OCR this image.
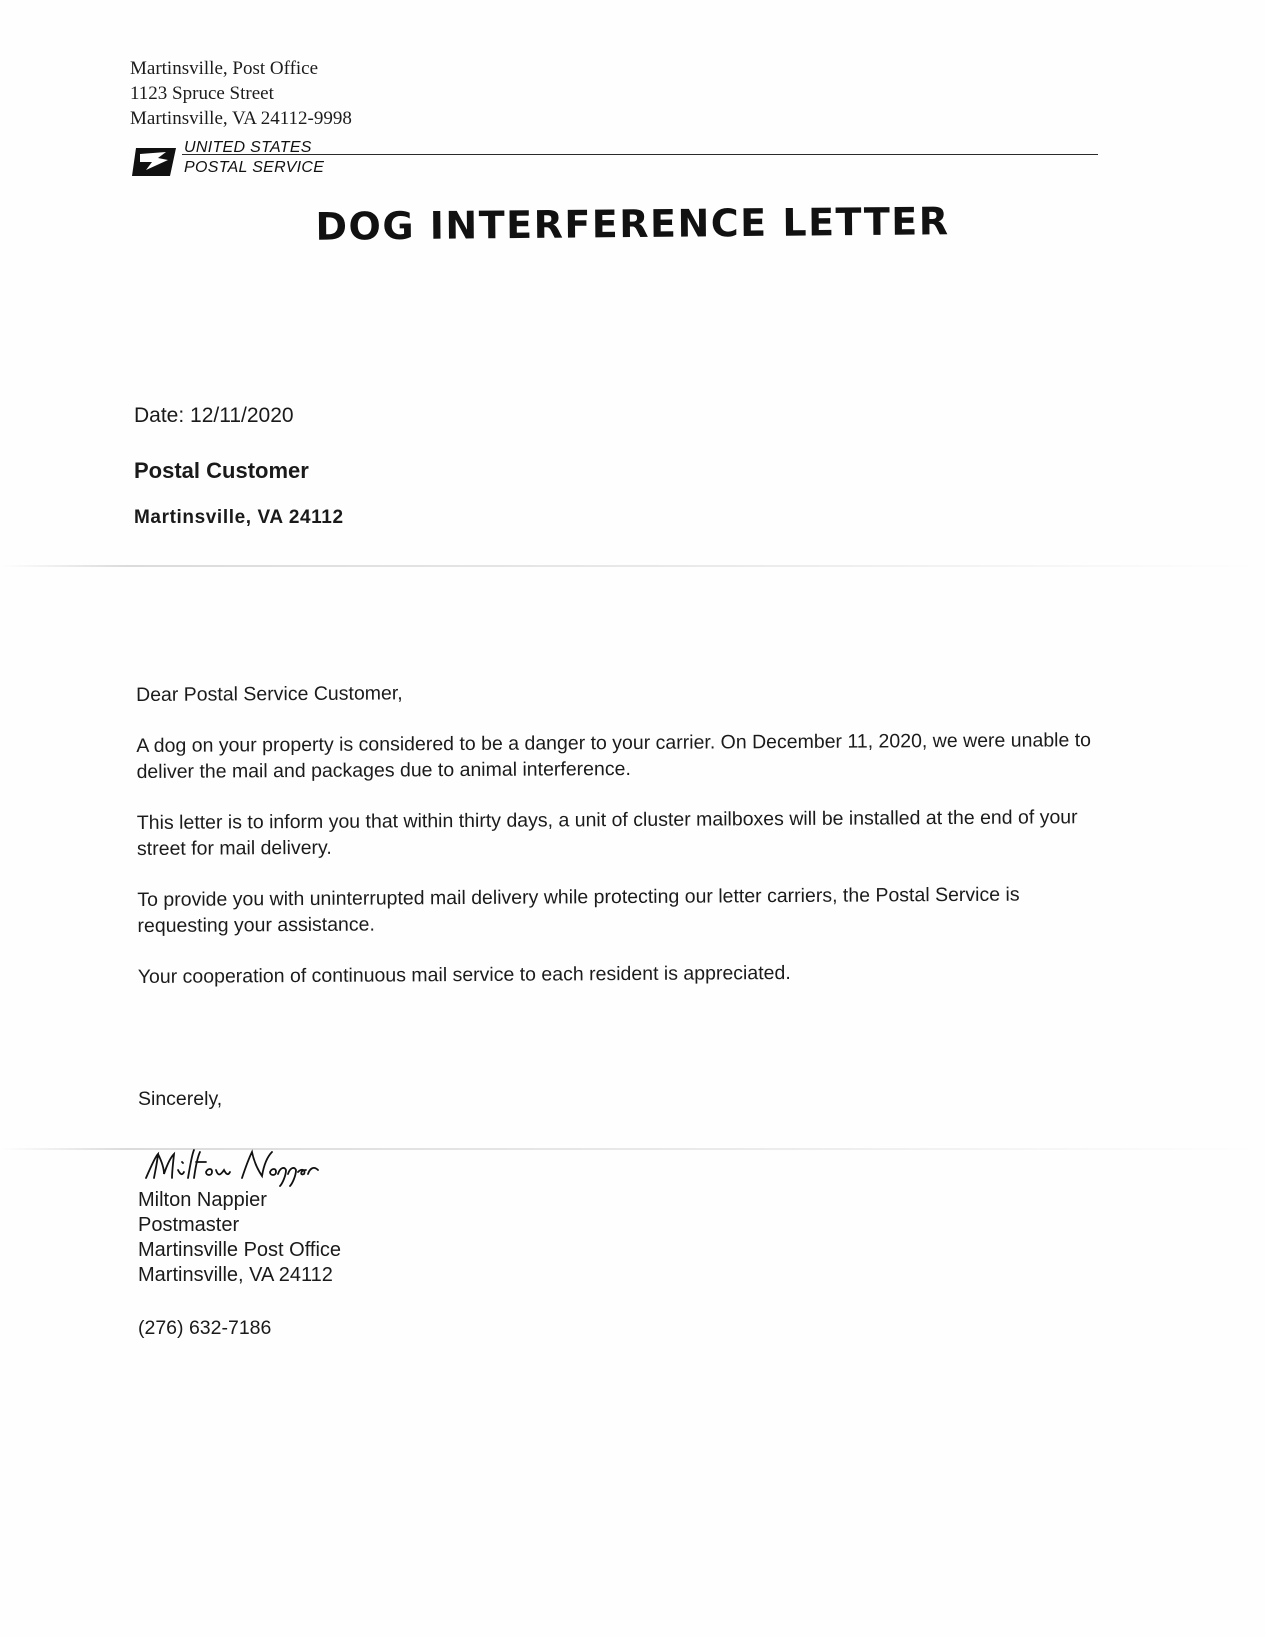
Martinsville, Post Office
1123 Spruce Street
Martinsville, VA 24112-9998
UNITED STATES
POSTAL SERVICE
DOG INTERFERENCE LETTER
Date: 12/11/2020
Postal Customer
Martinsville, VA 24112

Dear Postal Service Customer,

A dog on your property is considered to be a danger to your carrier. On December 11, 2020, we were unable to deliver the mail and packages due to animal interference.

This letter is to inform you that within thirty days, a unit of cluster mailboxes will be installed at the end of your street for mail delivery.

To provide you with uninterrupted mail delivery while protecting our letter carriers, the Postal Service is requesting your assistance.

Your cooperation of continuous mail service to each resident is appreciated.

Sincerely,
Milton Nappier
Postmaster
Martinsville Post Office
Martinsville, VA 24112
(276) 632-7186
